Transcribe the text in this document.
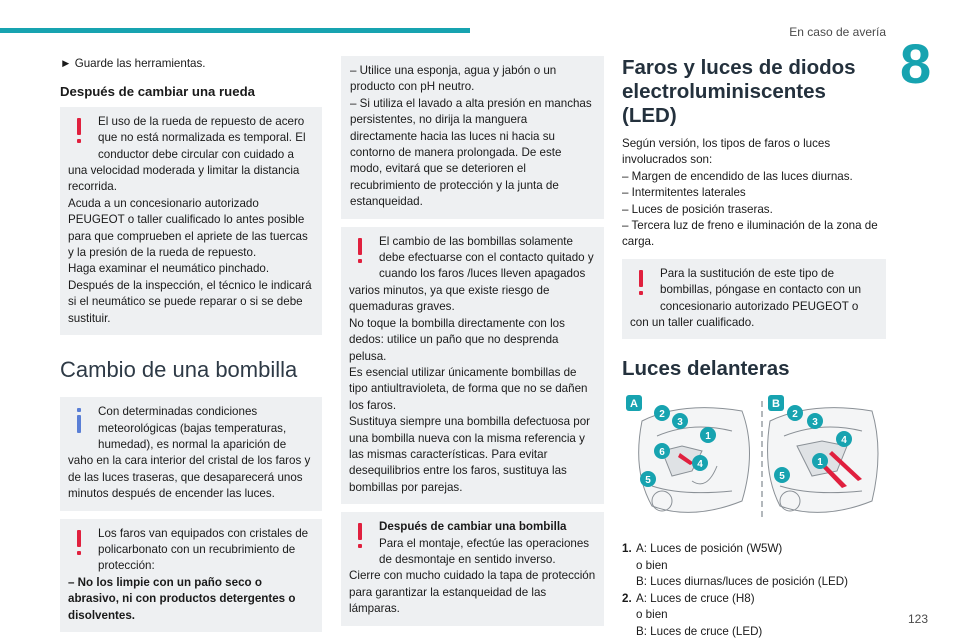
En caso de avería 8

► Guarde las herramientas.

Después de cambiar una rueda

El uso de la rueda de repuesto de acero que no está normalizada es temporal. El conductor debe circular con cuidado a una velocidad moderada y limitar la distancia recorrida.

Acuda a un concesionario autorizado PEUGEOT o taller cualificado lo antes posible para que comprueben el apriete de las tuercas y la presión de la rueda de repuesto.

Haga examinar el neumático pinchado.

Después de la inspección, el técnico le indicará si el neumático se puede reparar o si se debe sustituir.

Cambio de una bombilla

Con determinadas condiciones meteorológicas (bajas temperaturas, humedad), es normal la aparición de vaho en la cara interior del cristal de los faros y de las luces traseras, que desaparecerá unos minutos después de encender las luces.

Los faros van equipados con cristales de policarbonato con un recubrimiento de protección:

– No los limpie con un paño seco o abrasivo, ni con productos detergentes o disolventes.

– Utilice una esponja, agua y jabón o un producto con pH neutro.

– Si utiliza el lavado a alta presión en manchas persistentes, no dirija la manguera directamente hacia las luces ni hacia su contorno de manera prolongada. De este modo, evitará que se deterioren el recubrimiento de protección y la junta de estanqueidad.

El cambio de las bombillas solamente debe efectuarse con el contacto quitado y cuando los faros /luces lleven apagados varios minutos, ya que existe riesgo de quemaduras graves.

No toque la bombilla directamente con los dedos: utilice un paño que no desprenda pelusa.

Es esencial utilizar únicamente bombillas de tipo antiultravioleta, de forma que no se dañen los faros.

Sustituya siempre una bombilla defectuosa por una bombilla nueva con la misma referencia y las mismas características. Para evitar desequilibrios entre los faros, sustituya las bombillas por parejas.

Después de cambiar una bombilla

Para el montaje, efectúe las operaciones de desmontaje en sentido inverso.

Cierre con mucho cuidado la tapa de protección para garantizar la estanqueidad de las lámparas.

Faros y luces de diodos electroluminiscentes (LED)

Según versión, los tipos de faros o luces involucrados son:

– Margen de encendido de las luces diurnas.

– Intermitentes laterales

– Luces de posición traseras.

– Tercera luz de freno e iluminación de la zona de carga.

Para la sustitución de este tipo de bombillas, póngase en contacto con un concesionario autorizado PEUGEOT o con un taller cualificado.

Luces delanteras

A	B
2
3
1
6
4
5
2
3
4
1
5
1. A: Luces de posición (W5W)

o bien

B: Luces diurnas/luces de posición (LED)

2. A: Luces de cruce (H8)

o bien

B: Luces de cruce (LED)

123
